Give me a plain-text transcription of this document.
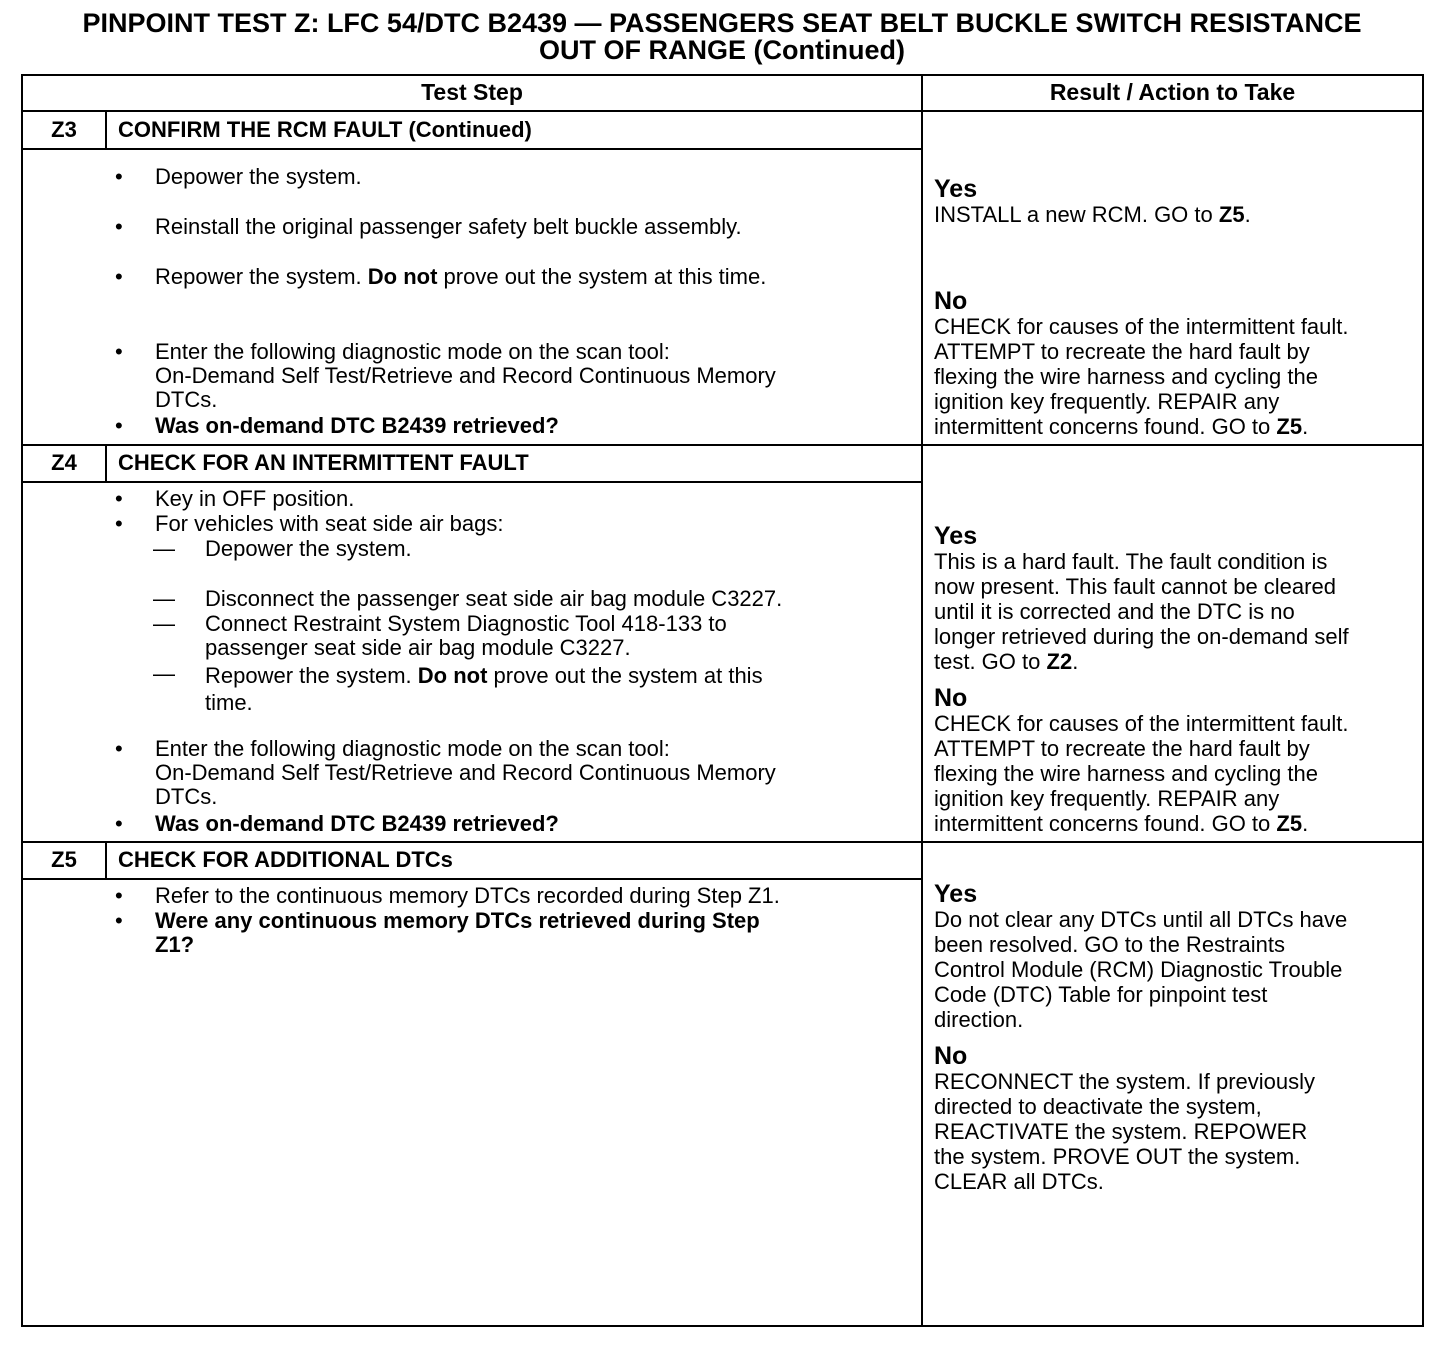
PINPOINT TEST Z: LFC 54/DTC B2439 — PASSENGERS SEAT BELT BUCKLE SWITCH RESISTANCE
OUT OF RANGE (Continued)
Test Step	Result / Action to Take
Z3	CONFIRM THE RCM FAULT (Continued)
• Depower the system.
• Reinstall the original passenger safety belt buckle assembly.
• Repower the system. Do not prove out the system at this time.
• Enter the following diagnostic mode on the scan tool:
On-Demand Self Test/Retrieve and Record Continuous Memory
DTCs.
• Was on-demand DTC B2439 retrieved?
Yes
INSTALL a new RCM. GO to Z5.
No
CHECK for causes of the intermittent fault.
ATTEMPT to recreate the hard fault by
flexing the wire harness and cycling the
ignition key frequently. REPAIR any
intermittent concerns found. GO to Z5.
Z4	CHECK FOR AN INTERMITTENT FAULT
• Key in OFF position.
• For vehicles with seat side air bags:
— Depower the system.
— Disconnect the passenger seat side air bag module C3227.
— Connect Restraint System Diagnostic Tool 418-133 to
passenger seat side air bag module C3227.
— Repower the system. Do not prove out the system at this
time.
• Enter the following diagnostic mode on the scan tool:
On-Demand Self Test/Retrieve and Record Continuous Memory
DTCs.
• Was on-demand DTC B2439 retrieved?
Yes
This is a hard fault. The fault condition is
now present. This fault cannot be cleared
until it is corrected and the DTC is no
longer retrieved during the on-demand self
test. GO to Z2.
No
CHECK for causes of the intermittent fault.
ATTEMPT to recreate the hard fault by
flexing the wire harness and cycling the
ignition key frequently. REPAIR any
intermittent concerns found. GO to Z5.
Z5	CHECK FOR ADDITIONAL DTCs
• Refer to the continuous memory DTCs recorded during Step Z1.
• Were any continuous memory DTCs retrieved during Step
Z1?
Yes
Do not clear any DTCs until all DTCs have
been resolved. GO to the Restraints
Control Module (RCM) Diagnostic Trouble
Code (DTC) Table for pinpoint test
direction.
No
RECONNECT the system. If previously
directed to deactivate the system,
REACTIVATE the system. REPOWER
the system. PROVE OUT the system.
CLEAR all DTCs.
